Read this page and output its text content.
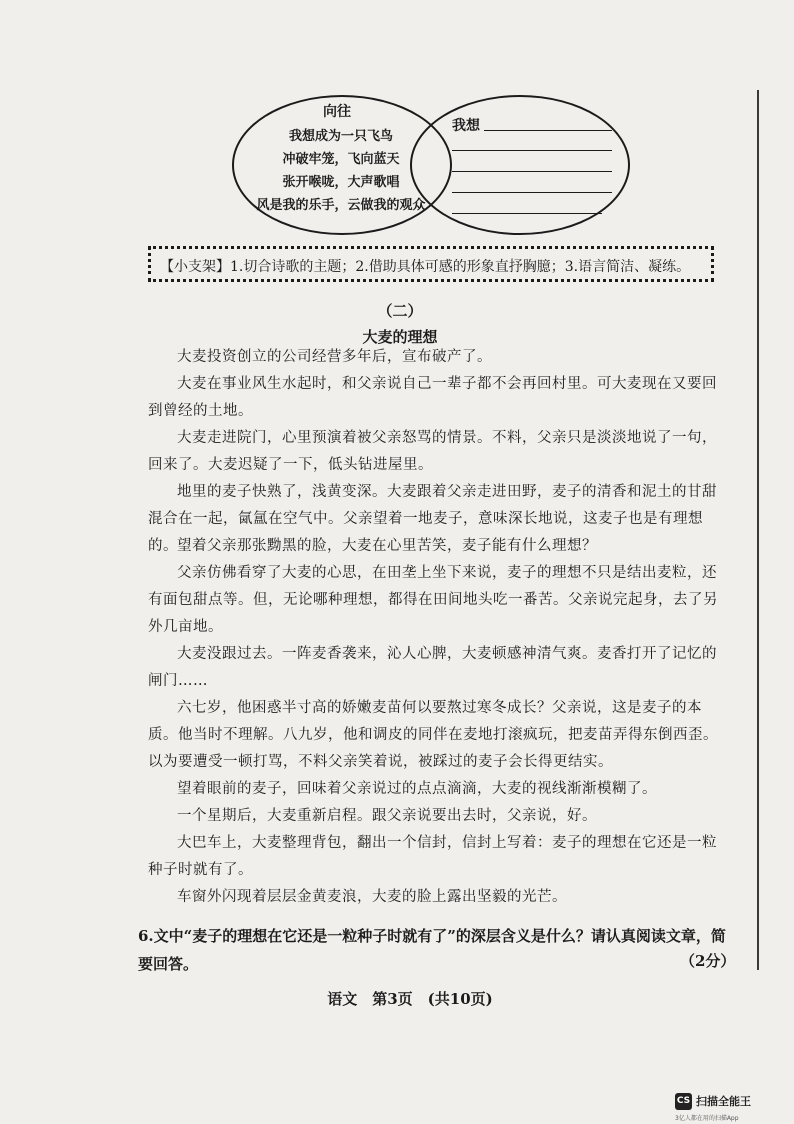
向往
我想成为一只飞鸟
冲破牢笼，飞向蓝天
张开喉咙，大声歌唱
风是我的乐手，云做我的观众
我想
【小支架】1.切合诗歌的主题；2.借助具体可感的形象直抒胸臆；3.语言简洁、凝练。
（二）
大麦的理想

大麦投资创立的公司经营多年后，宣布破产了。

大麦在事业风生水起时，和父亲说自己一辈子都不会再回村里。可大麦现在又要回到曾经的土地。

大麦走进院门，心里预演着被父亲怒骂的情景。不料，父亲只是淡淡地说了一句，回来了。大麦迟疑了一下，低头钻进屋里。

地里的麦子快熟了，浅黄变深。大麦跟着父亲走进田野，麦子的清香和泥土的甘甜混合在一起，氤氲在空气中。父亲望着一地麦子，意味深长地说，这麦子也是有理想的。 望着父亲那张黝黑的脸，大麦在心里苦笑，麦子能有什么理想？

父亲仿佛看穿了大麦的心思，在田垄上坐下来说，麦子的理想不只是结出麦粒，还有面包甜点等。但，无论哪种理想，都得在田间地头吃一番苦。父亲说完起身，去了另外几亩地。

大麦没跟过去。一阵麦香袭来，沁人心脾，大麦顿感神清气爽。麦香打开了记忆的闸门……

六七岁，他困惑半寸高的娇嫩麦苗何以要熬过寒冬成长？父亲说，这是麦子的本质。他当时不理解。八九岁，他和调皮的同伴在麦地打滚疯玩，把麦苗弄得东倒西歪。以为要遭受一顿打骂，不料父亲笑着说，被踩过的麦子会长得更结实。

望着眼前的麦子，回味着父亲说过的点点滴滴，大麦的视线渐渐模糊了。

一个星期后，大麦重新启程。跟父亲说要出去时，父亲说，好。

大巴车上，大麦整理背包，翻出一个信封，信封上写着：麦子的理想在它还是一粒种子时就有了。

车窗外闪现着层层金黄麦浪，大麦的脸上露出坚毅的光芒。

6.文中“麦子的理想在它还是一粒种子时就有了”的深层含义是什么？请认真阅读文章，简要回答。	（2分）
语文　第3页　(共10页)
CS 扫描全能王
3亿人都在用的扫描App
